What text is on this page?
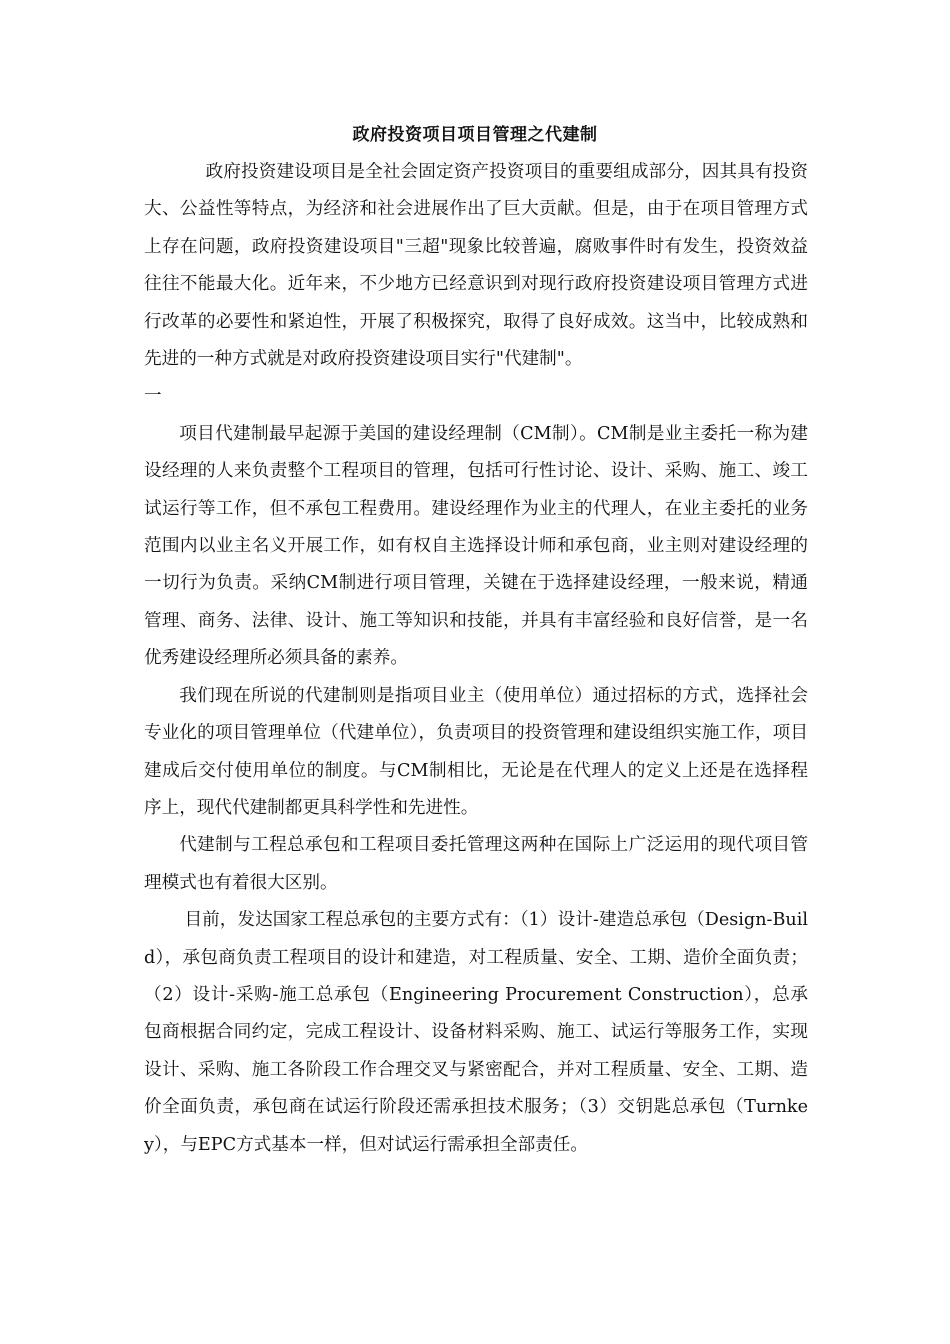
政府投资项目项目管理之代建制

政府投资建设项目是全社会固定资产投资项目的重要组成部分，因其具有投资大、公益性等特点，为经济和社会进展作出了巨大贡献。但是，由于在项目管理方式上存在问题，政府投资建设项目"三超"现象比较普遍，腐败事件时有发生，投资效益往往不能最大化。近年来，不少地方已经意识到对现行政府投资建设项目管理方式进行改革的必要性和紧迫性，开展了积极探究，取得了良好成效。这当中，比较成熟和先进的一种方式就是对政府投资建设项目实行"代建制"。

一

项目代建制最早起源于美国的建设经理制（CM制）。CM制是业主委托一称为建设经理的人来负责整个工程项目的管理，包括可行性讨论、设计、采购、施工、竣工试运行等工作，但不承包工程费用。建设经理作为业主的代理人，在业主委托的业务范围内以业主名义开展工作，如有权自主选择设计师和承包商，业主则对建设经理的一切行为负责。采纳CM制进行项目管理，关键在于选择建设经理，一般来说，精通管理、商务、法律、设计、施工等知识和技能，并具有丰富经验和良好信誉，是一名优秀建设经理所必须具备的素养。

我们现在所说的代建制则是指项目业主（使用单位）通过招标的方式，选择社会专业化的项目管理单位（代建单位），负责项目的投资管理和建设组织实施工作，项目建成后交付使用单位的制度。与CM制相比，无论是在代理人的定义上还是在选择程序上，现代代建制都更具科学性和先进性。

代建制与工程总承包和工程项目委托管理这两种在国际上广泛运用的现代项目管理模式也有着很大区别。

目前，发达国家工程总承包的主要方式有：（1）设计-建造总承包（Design-Build），承包商负责工程项目的设计和建造，对工程质量、安全、工期、造价全面负责；（2）设计-采购-施工总承包（Engineering Procurement Construction），总承包商根据合同约定，完成工程设计、设备材料采购、施工、试运行等服务工作，实现设计、采购、施工各阶段工作合理交叉与紧密配合，并对工程质量、安全、工期、造价全面负责，承包商在试运行阶段还需承担技术服务；（3）交钥匙总承包（Turnkey），与EPC方式基本一样，但对试运行需承担全部责任。
